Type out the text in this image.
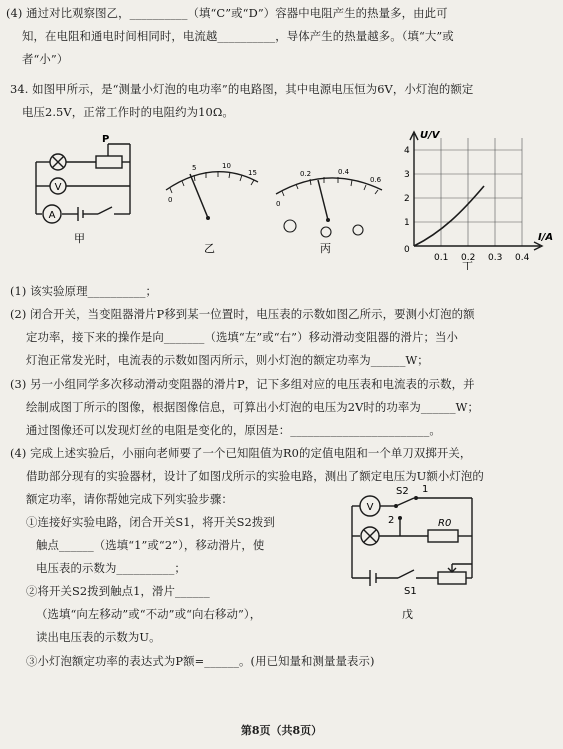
(4) 通过对比观察图乙，__________（填“C”或“D”）容器中电阻产生的热量多，由此可
知，在电阻和通电时间相同时，电流越__________，导体产生的热量越多。（填“大”或
者“小”）
34. 如图甲所示，是“测量小灯泡的电功率”的电路图，其中电源电压恒为6V，小灯泡的额定
电压2.5V，正常工作时的电阻约为10Ω。
V
A
P
甲
0
5	10
15
乙
0
0.2	0.4
0.6
丙
U/V
I/A
0
1
2
3
4
0.1 0.2 0.3 0.4
丁
(1) 该实验原理__________；
(2) 闭合开关，当变阻器滑片P移到某一位置时，电压表的示数如图乙所示，要测小灯泡的额
定功率，接下来的操作是向_______（选填“左”或“右”）移动滑动变阻器的滑片；当小
灯泡正常发光时，电流表的示数如图丙所示，则小灯泡的额定功率为______W；
(3) 另一小组同学多次移动滑动变阻器的滑片P，记下多组对应的电压表和电流表的示数，并
绘制成图丁所示的图像，根据图像信息，可算出小灯泡的电压为2V时的功率为______W；
通过图像还可以发现灯丝的电阻是变化的，原因是：________________________。
(4) 完成上述实验后，小丽向老师要了一个已知阻值为R0的定值电阻和一个单刀双掷开关，
借助部分现有的实验器材，设计了如图戊所示的实验电路，测出了额定电压为U额小灯泡的
额定功率，请你帮她完成下列实验步骤：
①连接好实验电路，闭合开关S1，将开关S2拨到
触点______（选填“1”或“2”），移动滑片，使
电压表的示数为__________；
②将开关S2拨到触点1，滑片______
（选填“向左移动”或“不动”或“向右移动”），
读出电压表的示数为U。
③小灯泡额定功率的表达式为P额=______。(用已知量和测量量表示)
V
S2 1
2	R0
S1
戊
第8页（共8页）
